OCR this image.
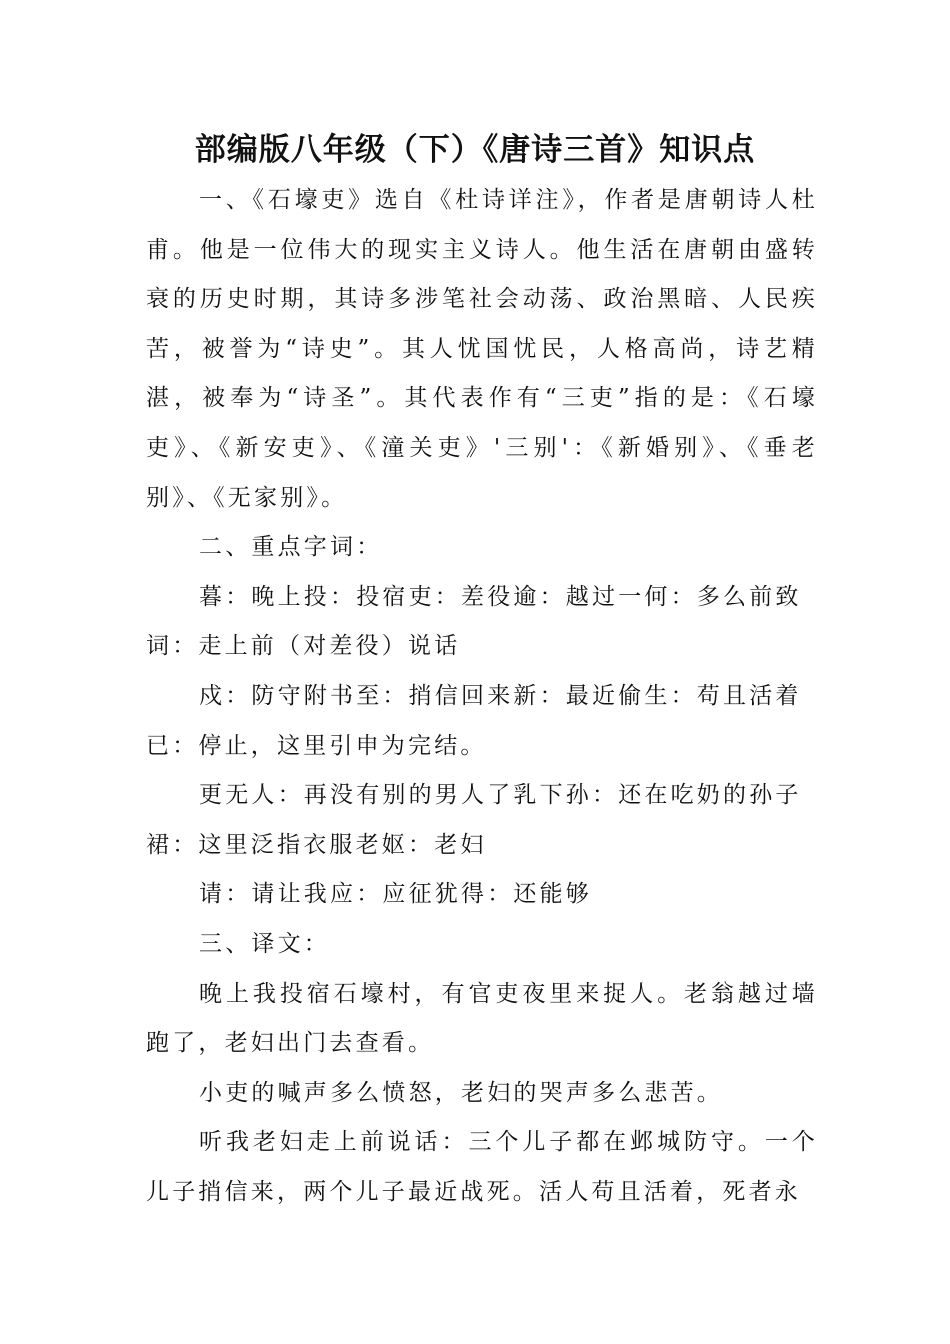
部编版八年级（下）《唐诗三首》知识点

一、《石壕吏》选自《杜诗详注》，作者是唐朝诗人杜甫。他是一位伟大的现实主义诗人。他生活在唐朝由盛转衰的历史时期，其诗多涉笔社会动荡、政治黑暗、人民疾苦，被誉为“诗史”。其人忧国忧民，人格高尚，诗艺精湛，被奉为“诗圣”。其代表作有“三吏”指的是：《石壕吏》、《新安吏》、《潼关吏》'三别'：《新婚别》、《垂老别》、《无家别》。

二、重点字词：

暮：晚上投：投宿吏：差役逾：越过一何：多么前致词：走上前（对差役）说话

戍：防守附书至：捎信回来新：最近偷生：苟且活着已：停止，这里引申为完结。

更无人：再没有别的男人了乳下孙：还在吃奶的孙子裙：这里泛指衣服老妪：老妇

请：请让我应：应征犹得：还能够

三、译文：

晚上我投宿石壕村，有官吏夜里来捉人。老翁越过墙跑了，老妇出门去查看。

小吏的喊声多么愤怒，老妇的哭声多么悲苦。

听我老妇走上前说话：三个儿子都在邺城防守。一个儿子捎信来，两个儿子最近战死。活人苟且活着，死者永
